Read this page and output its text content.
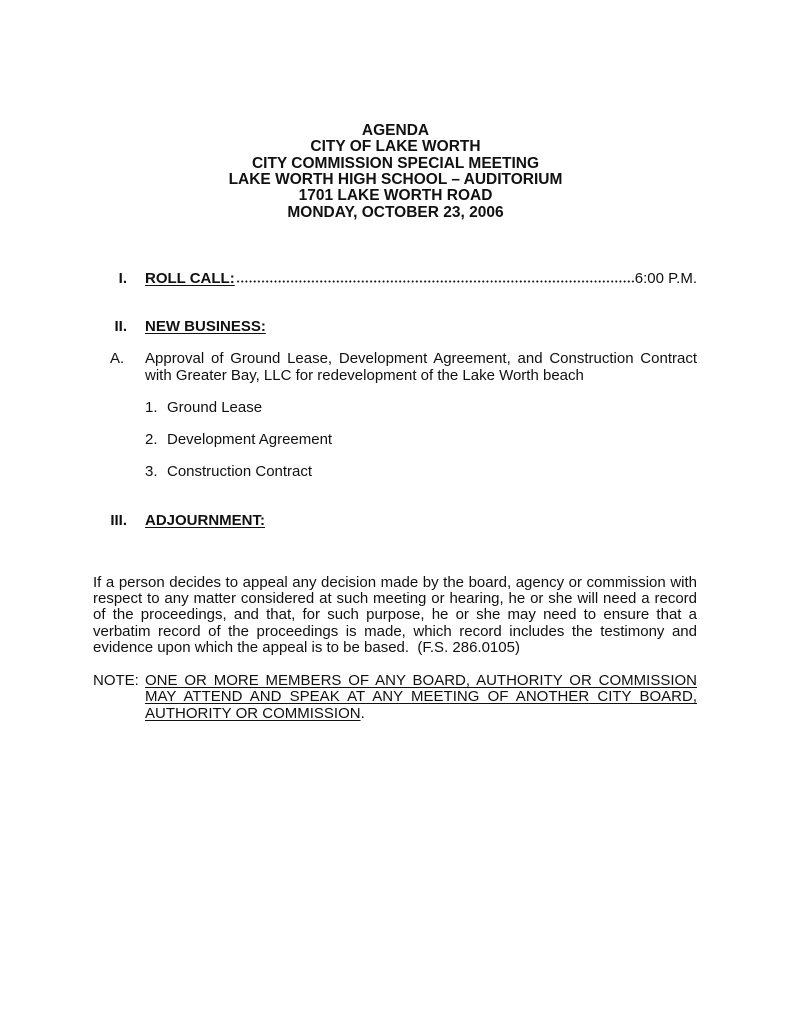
AGENDA
CITY OF LAKE WORTH
CITY COMMISSION SPECIAL MEETING
LAKE WORTH HIGH SCHOOL – AUDITORIUM
1701 LAKE WORTH ROAD
MONDAY, OCTOBER 23, 2006
I. ROLL CALL:	6:00 P.M.
II. NEW BUSINESS:
A. Approval of Ground Lease, Development Agreement, and Construction Contract
with Greater Bay, LLC for redevelopment of the Lake Worth beach
1. Ground Lease
2. Development Agreement
3. Construction Contract
III. ADJOURNMENT:
If a person decides to appeal any decision made by the board, agency or commission with
respect to any matter considered at such meeting or hearing, he or she will need a record
of the proceedings, and that, for such purpose, he or she may need to ensure that a
verbatim record of the proceedings is made, which record includes the testimony and
evidence upon which the appeal is to be based.  (F.S. 286.0105)
NOTE: ONE OR MORE MEMBERS OF ANY BOARD, AUTHORITY OR COMMISSION
MAY ATTEND AND SPEAK AT ANY MEETING OF ANOTHER CITY BOARD,
AUTHORITY OR COMMISSION.
